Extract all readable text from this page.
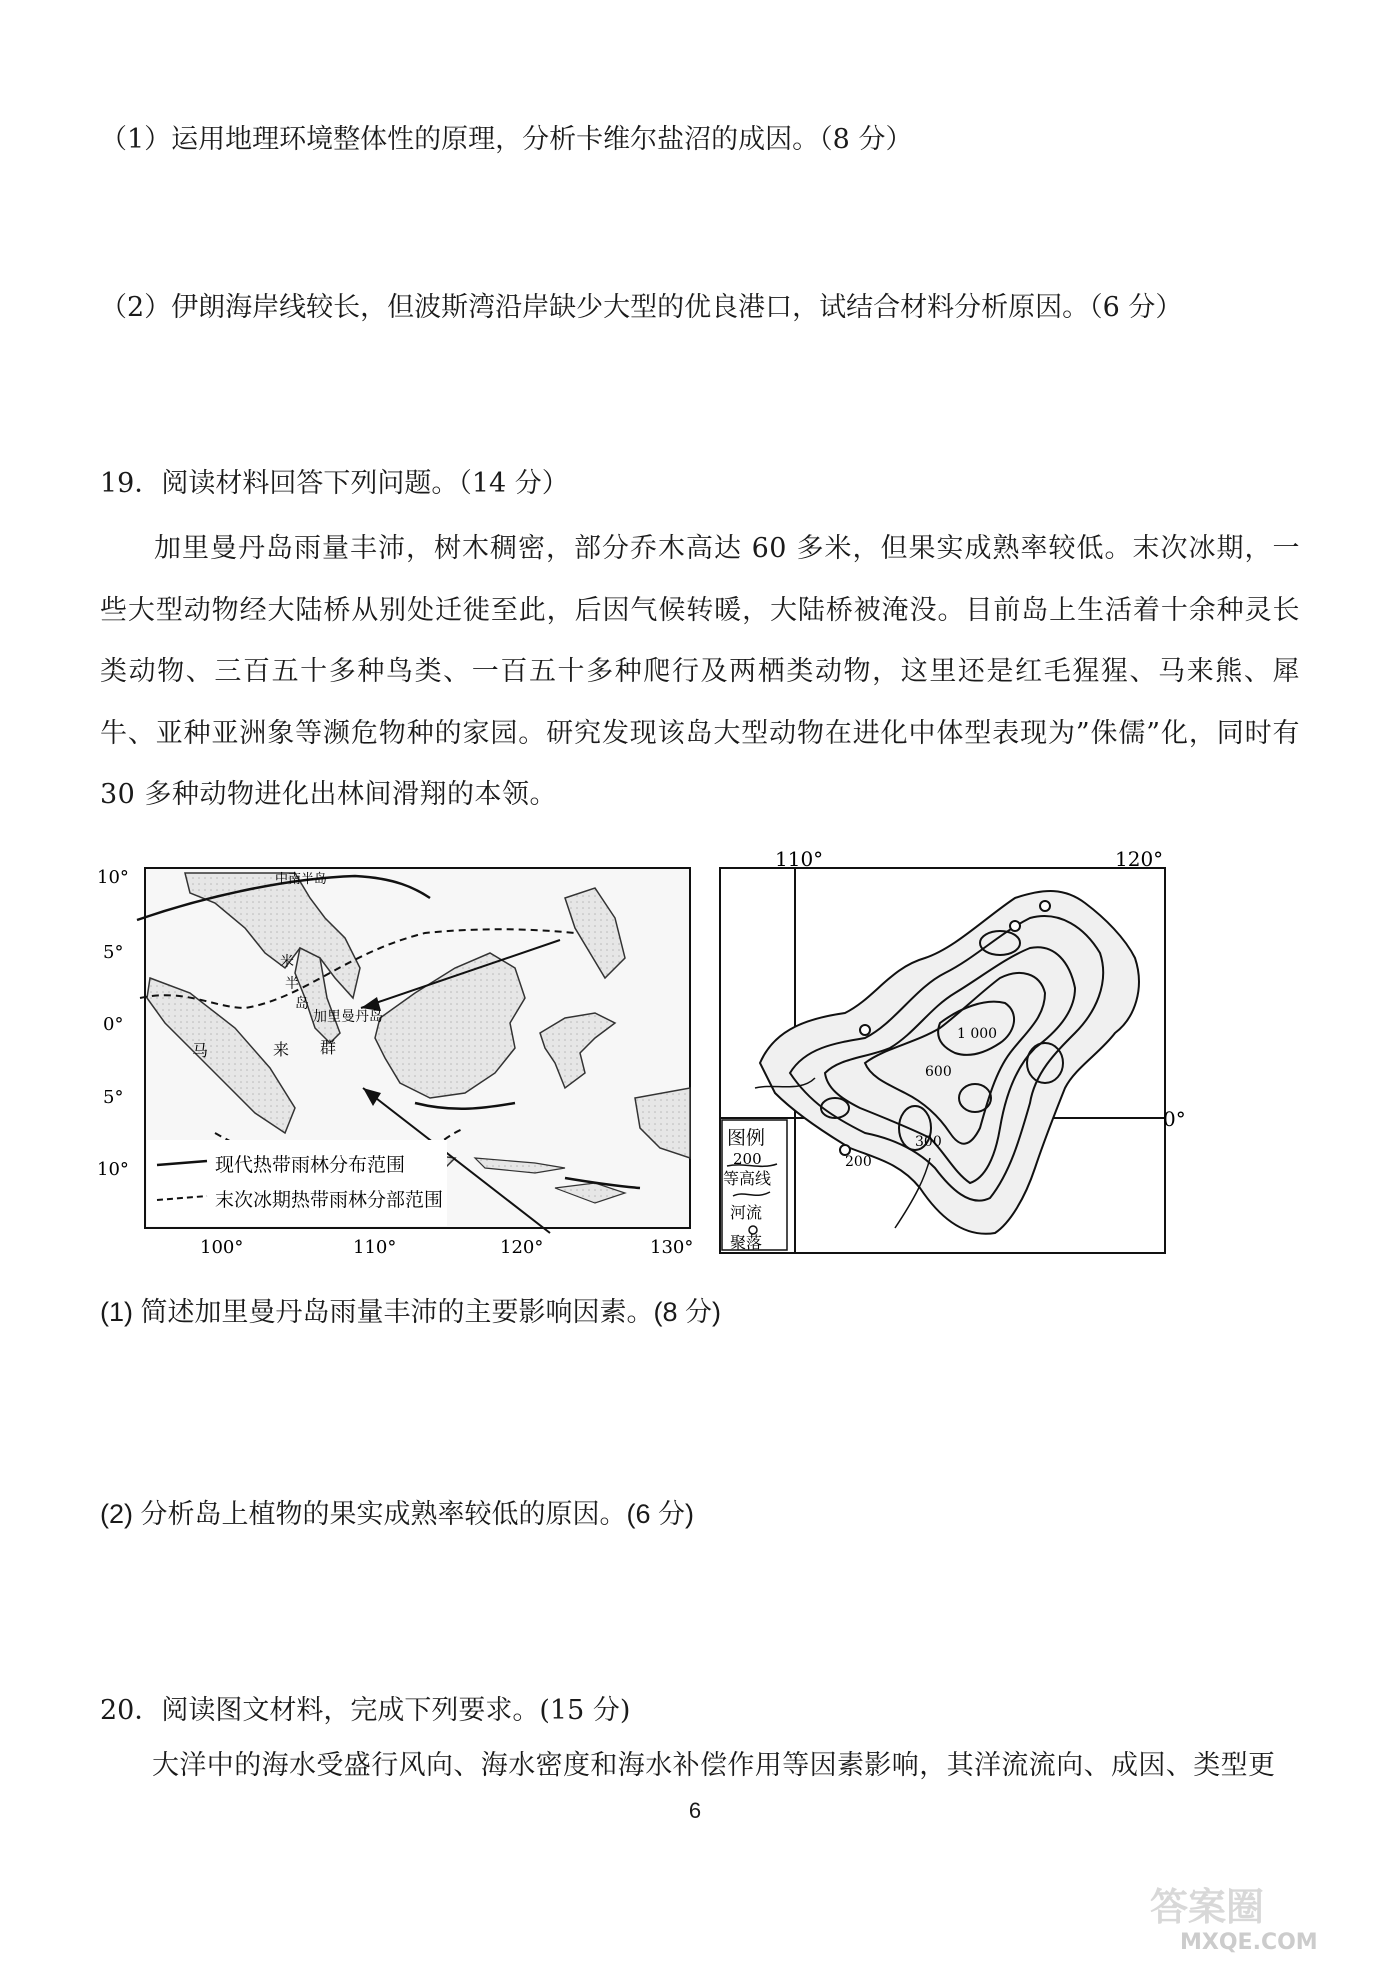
（1）运用地理环境整体性的原理，分析卡维尔盐沼的成因。（8 分）
（2）伊朗海岸线较长，但波斯湾沿岸缺少大型的优良港口，试结合材料分析原因。（6 分）
19．阅读材料回答下列问题。（14 分）
加里曼丹岛雨量丰沛，树木稠密，部分乔木高达 60 多米，但果实成熟率较低。末次冰期，一些大型动物经大陆桥从别处迁徙至此，后因气候转暖，大陆桥被淹没。目前岛上生活着十余种灵长类动物、三百五十多种鸟类、一百五十多种爬行及两栖类动物，这里还是红毛猩猩、马来熊、犀牛、亚种亚洲象等濒危物种的家园。研究发现该岛大型动物在进化中体型表现为”侏儒”化，同时有 30 多种动物进化出林间滑翔的本领。
10°
5°
0°
5°
10°
100°	110°	120°	130°
中南半岛
米
半
岛
马	来 群
加里曼丹岛
现代热带雨林分布范围
末次冰期热带雨林分部范围
110°	120°
0°
1 000
600
300
200
图例
200
等高线
河流
聚落
(1) 简述加里曼丹岛雨量丰沛的主要影响因素。(8 分)
(2) 分析岛上植物的果实成熟率较低的原因。(6 分)
20．阅读图文材料，完成下列要求。(15 分)
大洋中的海水受盛行风向、海水密度和海水补偿作用等因素影响，其洋流流向、成因、类型更
6
答案圈
MXQE.COM
